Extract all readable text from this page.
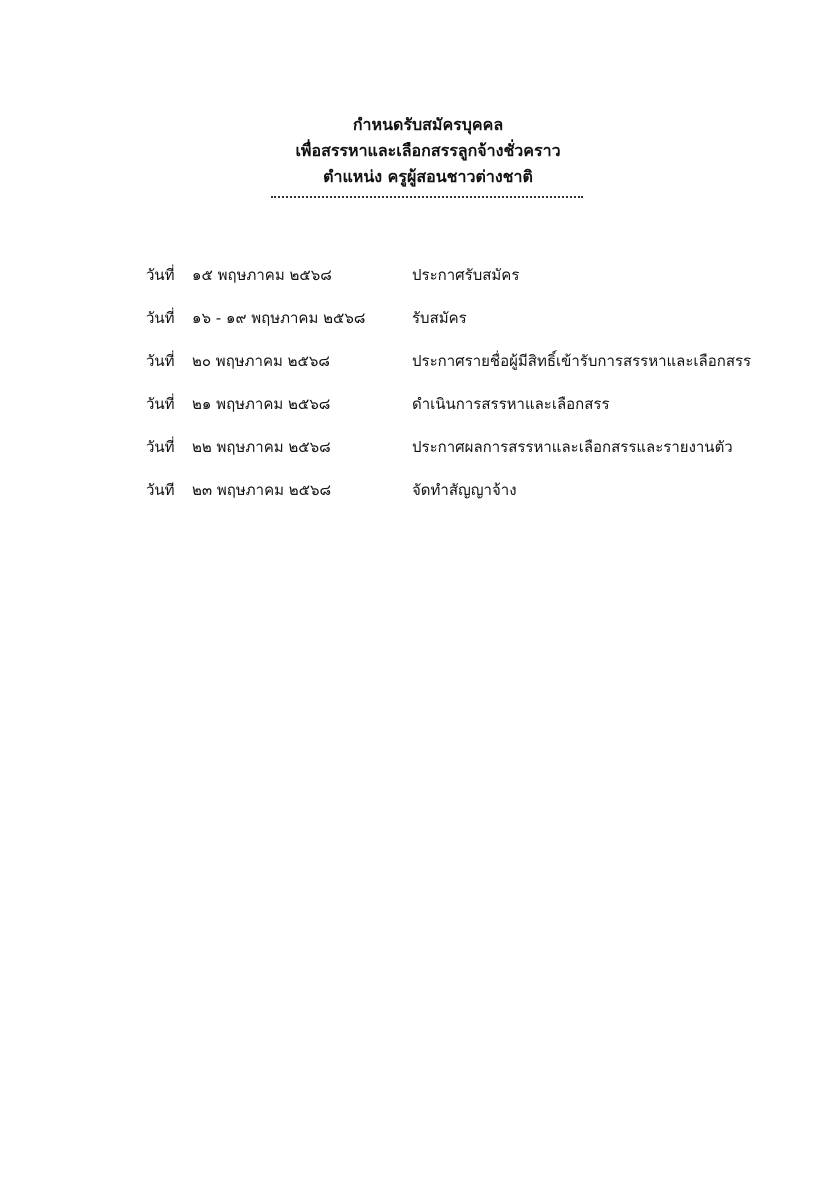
กำหนดรับสมัครบุคคล
เพื่อสรรหาและเลือกสรรลูกจ้างชั่วคราว
ตำแหน่ง ครูผู้สอนชาวต่างชาติ
วันที่ ๑๕ พฤษภาคม ๒๕๖๘	ประกาศรับสมัคร
วันที่ ๑๖ - ๑๙ พฤษภาคม ๒๕๖๘	รับสมัคร
วันที่ ๒๐ พฤษภาคม ๒๕๖๘	ประกาศรายชื่อผู้มีสิทธิ์เข้ารับการสรรหาและเลือกสรร
วันที่ ๒๑ พฤษภาคม ๒๕๖๘	ดำเนินการสรรหาและเลือกสรร
วันที่ ๒๒ พฤษภาคม ๒๕๖๘	ประกาศผลการสรรหาและเลือกสรรและรายงานตัว
วันที ๒๓ พฤษภาคม ๒๕๖๘	จัดทำสัญญาจ้าง
